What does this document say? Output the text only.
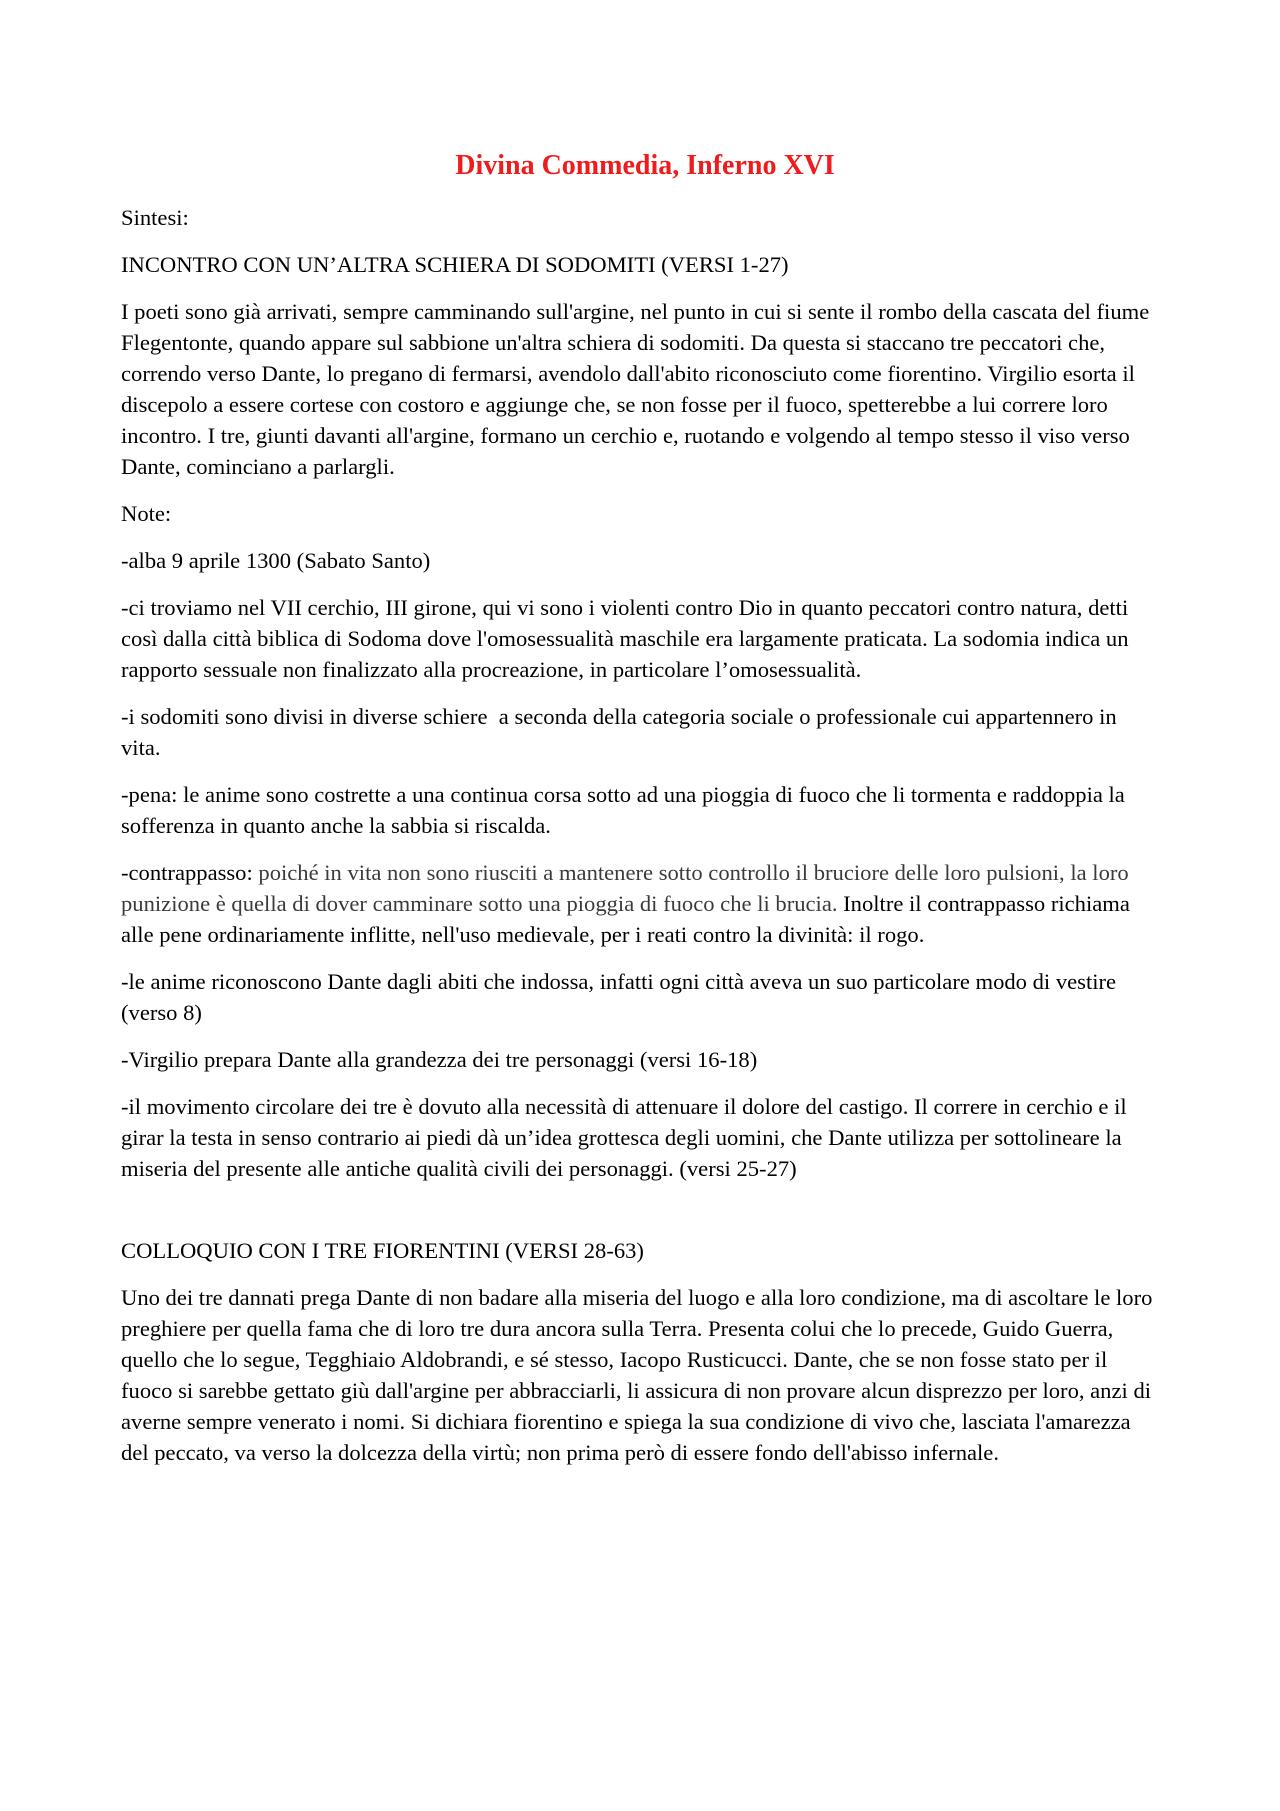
Divina Commedia, Inferno XVI

Sintesi:

INCONTRO CON UN’ALTRA SCHIERA DI SODOMITI (VERSI 1-27)

I poeti sono già arrivati, sempre camminando sull'argine, nel punto in cui si sente il rombo della cascata del fiume Flegentonte, quando appare sul sabbione un'altra schiera di sodomiti. Da questa si staccano tre peccatori che, correndo verso Dante, lo pregano di fermarsi, avendolo dall'abito riconosciuto come fiorentino. Virgilio esorta il discepolo a essere cortese con costoro e aggiunge che, se non fosse per il fuoco, spetterebbe a lui correre loro incontro. I tre, giunti davanti all'argine, formano un cerchio e, ruotando e volgendo al tempo stesso il viso verso Dante, cominciano a parlargli.

Note:

-alba 9 aprile 1300 (Sabato Santo)

-ci troviamo nel VII cerchio, III girone, qui vi sono i violenti contro Dio in quanto peccatori contro natura, detti così dalla città biblica di Sodoma dove l'omosessualità maschile era largamente praticata. La sodomia indica un rapporto sessuale non finalizzato alla procreazione, in particolare l’omosessualità.

-i sodomiti sono divisi in diverse schiere  a seconda della categoria sociale o professionale cui appartennero in vita.

-pena: le anime sono costrette a una continua corsa sotto ad una pioggia di fuoco che li tormenta e raddoppia la sofferenza in quanto anche la sabbia si riscalda.

-contrappasso: poiché in vita non sono riusciti a mantenere sotto controllo il bruciore delle loro pulsioni, la loro punizione è quella di dover camminare sotto una pioggia di fuoco che li brucia. Inoltre il contrappasso richiama alle pene ordinariamente inflitte, nell'uso medievale, per i reati contro la divinità: il rogo.

-le anime riconoscono Dante dagli abiti che indossa, infatti ogni città aveva un suo particolare modo di vestire (verso 8)

-Virgilio prepara Dante alla grandezza dei tre personaggi (versi 16-18)

-il movimento circolare dei tre è dovuto alla necessità di attenuare il dolore del castigo. Il correre in cerchio e il girar la testa in senso contrario ai piedi dà un’idea grottesca degli uomini, che Dante utilizza per sottolineare la miseria del presente alle antiche qualità civili dei personaggi. (versi 25-27)

COLLOQUIO CON I TRE FIORENTINI (VERSI 28-63)

Uno dei tre dannati prega Dante di non badare alla miseria del luogo e alla loro condizione, ma di ascoltare le loro preghiere per quella fama che di loro tre dura ancora sulla Terra. Presenta colui che lo precede, Guido Guerra, quello che lo segue, Tegghiaio Aldobrandi, e sé stesso, Iacopo Rusticucci. Dante, che se non fosse stato per il fuoco si sarebbe gettato giù dall'argine per abbracciarli, li assicura di non provare alcun disprezzo per loro, anzi di averne sempre venerato i nomi. Si dichiara fiorentino e spiega la sua condizione di vivo che, lasciata l'amarezza del peccato, va verso la dolcezza della virtù; non prima però di essere fondo dell'abisso infernale.
